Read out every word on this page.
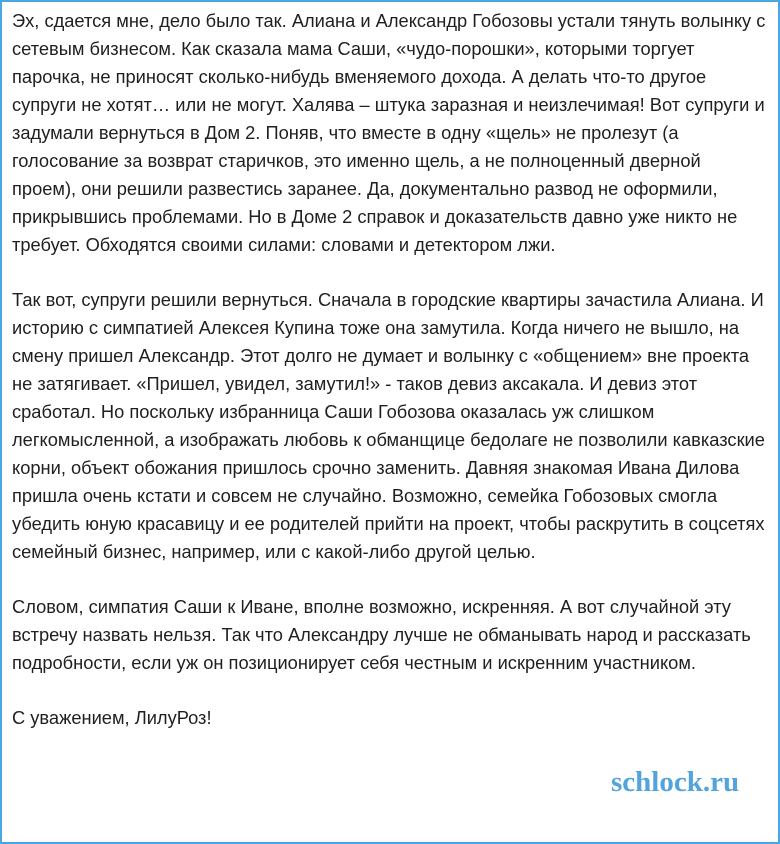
Эх, сдается мне, дело было так. Алиана и Александр Гобозовы устали тянуть волынку с сетевым бизнесом. Как сказала мама Саши, «чудо-порошки», которыми торгует парочка, не приносят сколько-нибудь вменяемого дохода. А делать что-то другое супруги не хотят… или не могут. Халява – штука заразная и неизлечимая! Вот супруги и задумали вернуться в Дом 2. Поняв, что вместе в одну «щель» не пролезут (а голосование за возврат старичков, это именно щель, а не полноценный дверной проем), они решили развестись заранее. Да, документально развод не оформили, прикрывшись проблемами. Но в Доме 2 справок и доказательств давно уже никто не требует. Обходятся своими силами: словами и детектором лжи.

Так вот, супруги решили вернуться. Сначала в городские квартиры зачастила Алиана. И историю с симпатией Алексея Купина тоже она замутила. Когда ничего не вышло, на смену пришел Александр. Этот долго не думает и волынку с «общением» вне проекта не затягивает. «Пришел, увидел, замутил!» - таков девиз аксакала. И девиз этот сработал. Но поскольку избранница Саши Гобозова оказалась уж слишком легкомысленной, а изображать любовь к обманщице бедолаге не позволили кавказские корни, объект обожания пришлось срочно заменить. Давняя знакомая Ивана Дилова пришла очень кстати и совсем не случайно. Возможно, семейка Гобозовых смогла убедить юную красавицу и ее родителей прийти на проект, чтобы раскрутить в соцсетях семейный бизнес, например, или с какой-либо другой целью.

Словом, симпатия Саши к Иване, вполне возможно, искренняя. А вот случайной эту встречу назвать нельзя. Так что Александру лучше не обманывать народ и рассказать подробности, если уж он позиционирует себя честным и искренним участником.

С уважением, ЛилуРоз!

schlock.ru
